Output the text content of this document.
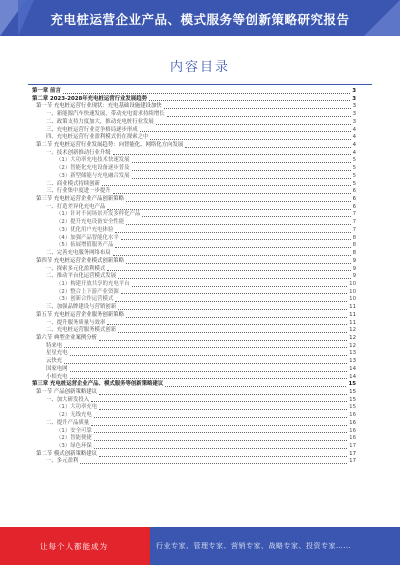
充电桩运营企业产品、模式服务等创新策略研究报告
内容目录
第一章 前言	3
第二章 2023-2028年充电桩运营行业发展趋势	3
第一节 充电桩运营行业现状：充电基础设施建设加快	3
一、新能源汽车快速发展，带动充电需求持续增长	3
二、政策支持力度加大，推动充电桩行业发展	3
三、充电桩运营行业竞争格局逐步形成	4
四、充电桩运营行业盈利模式仍在探索之中	4
第二节 充电桩运营行业发展趋势：向智能化、网络化方向发展	4
一、技术创新推动行业升级	4
（1）大功率充电技术快速发展	5
（2）智能化充电设备逐步普及	5
（3）新型储能与充电融合发展	5
二、商业模式持续创新	5
三、行业集中度进一步提升	6
第三节 充电桩运营企业产品创新策略	6
一、打造差异化充电产品	6
（1）针对不同场景开发多样化产品	7
（2）提升充电设备安全性能	7
（3）优化用户充电体验	7
（4）加强产品智能化水平	8
（5）拓展增值服务产品	8
二、完善充电服务网络布局	8
第四节 充电桩运营企业模式创新策略	9
一、探索多元化盈利模式	9
二、推动平台化运营模式发展	9
（1）构建开放共享的充电平台	10
（2）整合上下游产业资源	10
（3）创新合作运营模式	10
三、加强品牌建设与营销创新	11
第五节 充电桩运营企业服务创新策略	11
一、提升服务质量与效率	11
二、充电桩运营服务模式创新	12
第六节 典型企业案例分析	12
特来电	12
星星充电	13
云快充	13
国家电网	14
小桔充电	14
第三章 充电桩运营企业产品、模式服务等创新策略建议	15
第一节 产品创新策略建议	15
一、加大研发投入	15
（1）大功率充电	15
（2）无线充电	16
二、提升产品质量	16
（1）安全可靠	16
（2）智能便捷	16
（3）绿色环保	17
第二节 模式创新策略建议	17
一、多元盈利	17
让每个人都能成为	行业专家、管理专家、营销专家、战略专家、投资专家……
